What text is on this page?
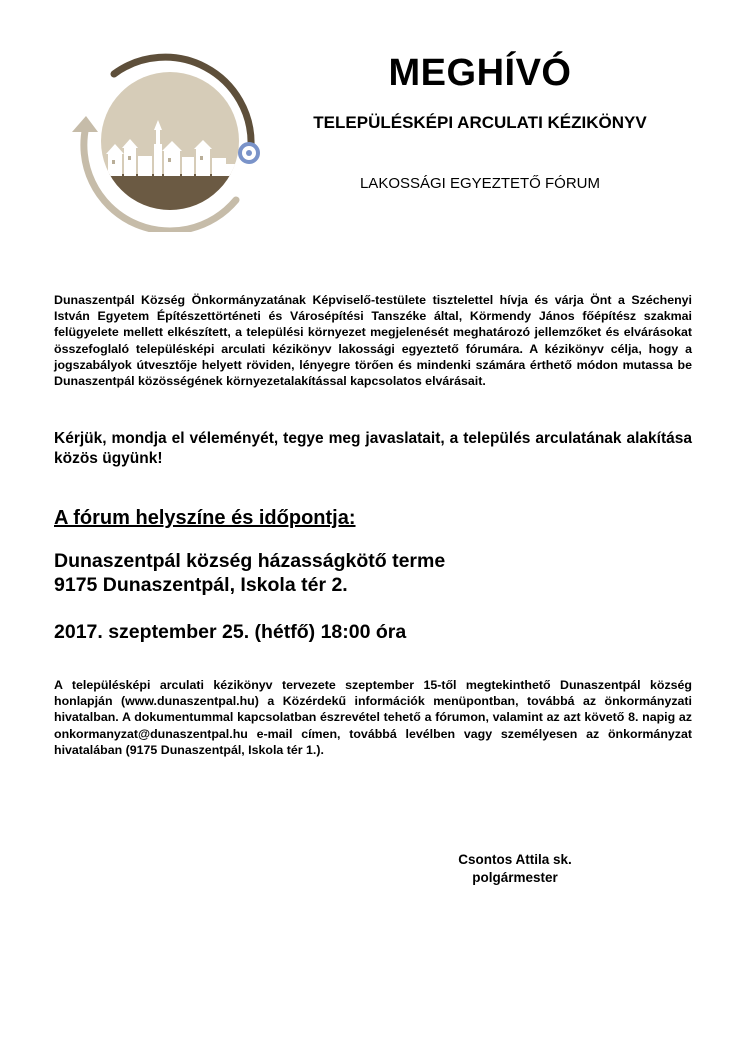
MEGHÍVÓ
TELEPÜLÉSKÉPI ARCULATI KÉZIKÖNYV

LAKOSSÁGI EGYEZTETŐ FÓRUM

Dunaszentpál Község Önkormányzatának Képviselő-testülete tisztelettel hívja és várja Önt a Széchenyi István Egyetem Építészettörténeti és Városépítési Tanszéke által, Körmendy János főépítész szakmai felügyelete mellett elkészített, a települési környezet megjelenését meghatározó jellemzőket és elvárásokat összefoglaló településképi arculati kézikönyv lakossági egyeztető fórumára. A kézikönyv célja, hogy a jogszabályok útvesztője helyett röviden, lényegre törően és mindenki számára érthető módon mutassa be Dunaszentpál közösségének környezetalakítással kapcsolatos elvárásait.

Kérjük, mondja el véleményét, tegye meg javaslatait, a település arculatának alakítása közös ügyünk!

A fórum helyszíne és időpontja:

Dunaszentpál község házasságkötő terme
9175 Dunaszentpál, Iskola tér 2.

2017. szeptember 25. (hétfő) 18:00 óra

A településképi arculati kézikönyv tervezete szeptember 15-től megtekinthető Dunaszentpál község honlapján (www.dunaszentpal.hu) a Közérdekű információk menüpontban, továbbá az önkormányzati hivatalban. A dokumentummal kapcsolatban észrevétel tehető a fórumon, valamint az azt követő 8. napig az onkormanyzat@dunaszentpal.hu e-mail címen, továbbá levélben vagy személyesen az önkormányzat hivatalában (9175 Dunaszentpál, Iskola tér 1.).

Csontos Attila sk.
polgármester
